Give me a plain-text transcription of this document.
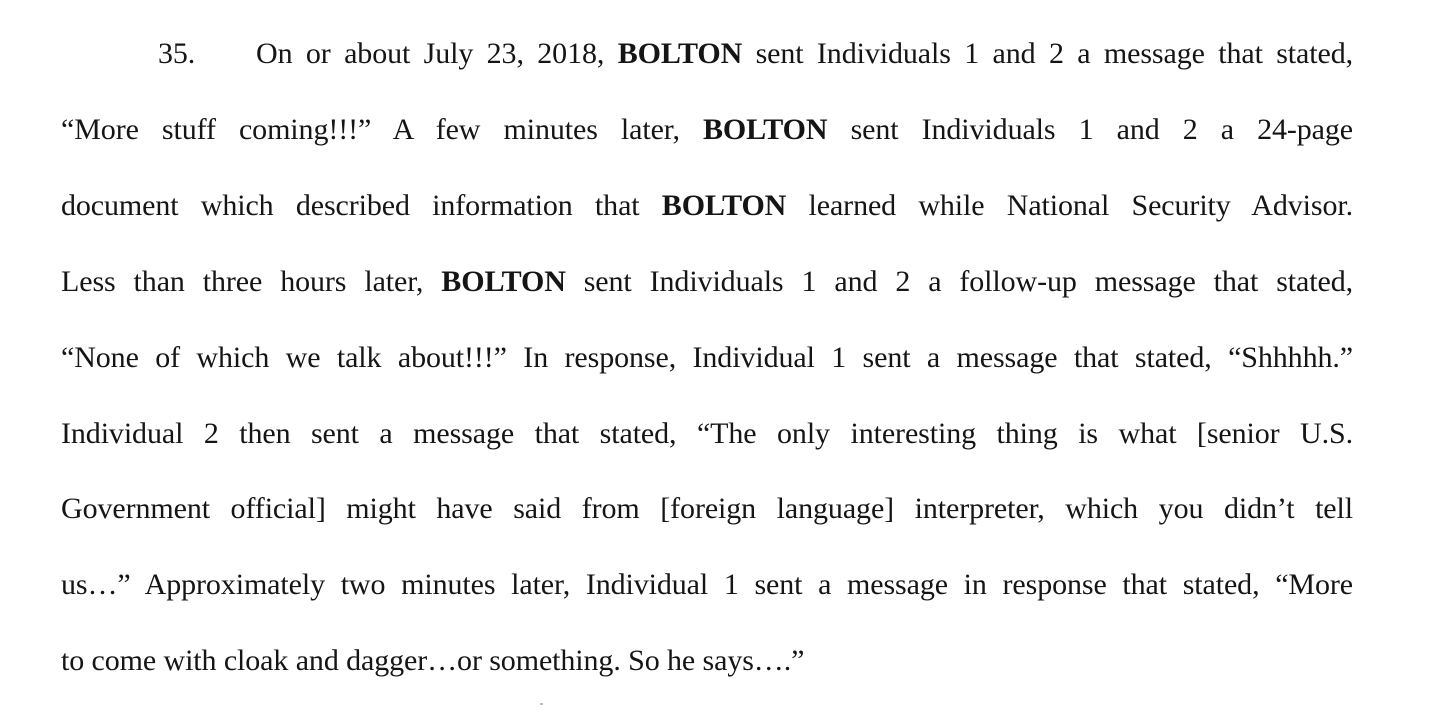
35. On or about July 23, 2018, BOLTON sent Individuals 1 and 2 a message that stated,
“More stuff coming!!!” A few minutes later, BOLTON sent Individuals 1 and 2 a 24-page
document which described information that BOLTON learned while National Security Advisor.
Less than three hours later, BOLTON sent Individuals 1 and 2 a follow-up message that stated,
“None of which we talk about!!!” In response, Individual 1 sent a message that stated, “Shhhhh.”
Individual 2 then sent a message that stated, “The only interesting thing is what [senior U.S.
Government official] might have said from [foreign language] interpreter, which you didn’t tell
us…” Approximately two minutes later, Individual 1 sent a message in response that stated, “More
to come with cloak and dagger…or something. So he says….”
